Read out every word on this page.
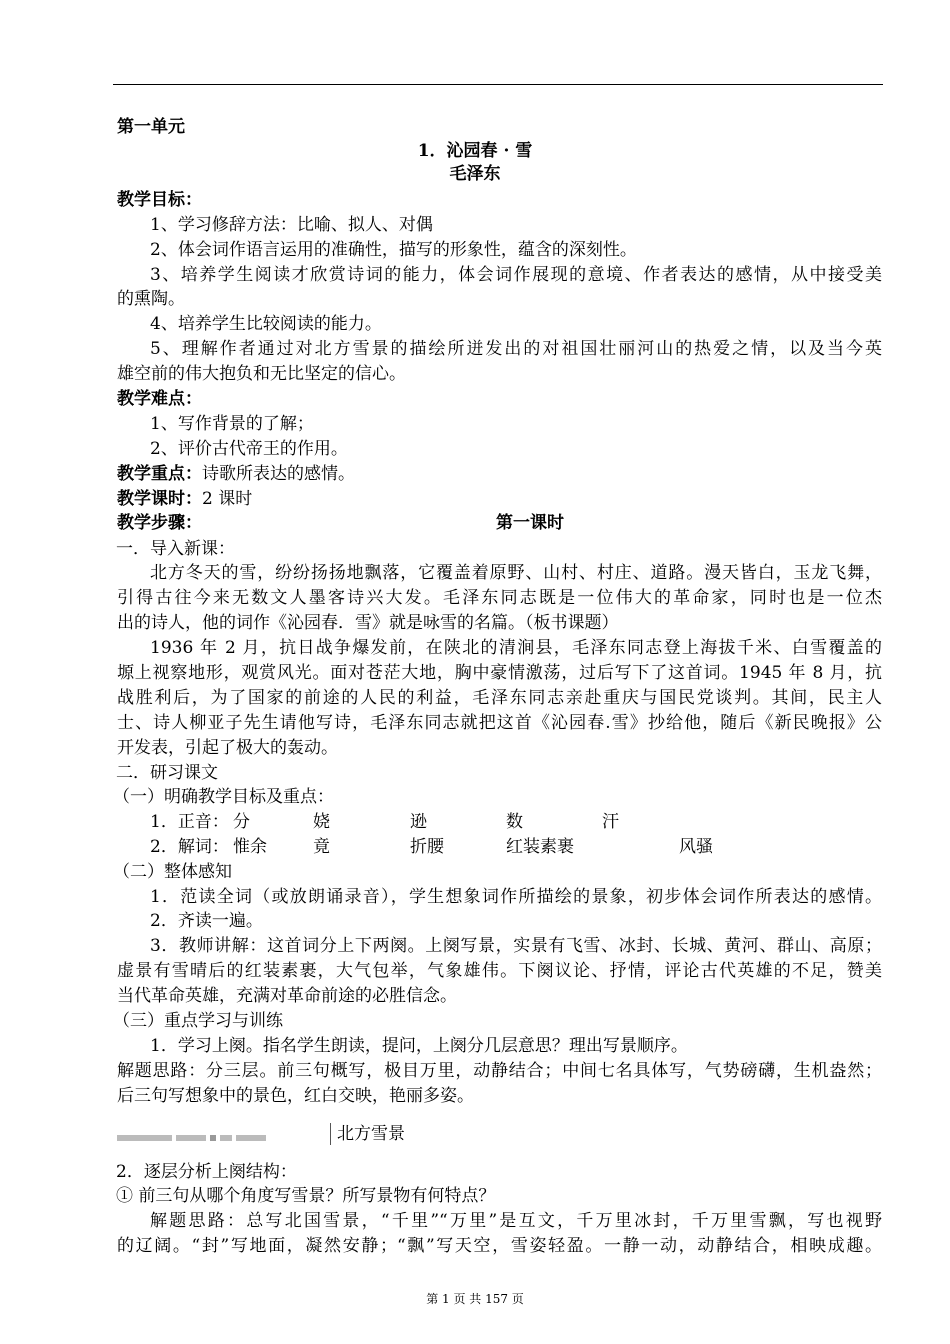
第一单元
1．沁园春 · 雪
毛泽东
教学目标：
1、学习修辞方法：比喻、拟人、对偶
2、体会词作语言运用的准确性，描写的形象性，蕴含的深刻性。
3、培养学生阅读才欣赏诗词的能力，体会词作展现的意境、作者表达的感情，从中接受美
的熏陶。
4、培养学生比较阅读的能力。
5、理解作者通过对北方雪景的描绘所迸发出的对祖国壮丽河山的热爱之情，以及当今英
雄空前的伟大抱负和无比坚定的信心。
教学难点：
1、写作背景的了解；
2、评价古代帝王的作用。
教学重点：诗歌所表达的感情。
教学课时：2 课时
教学步骤：	第一课时
一．导入新课：
北方冬天的雪，纷纷扬扬地飘落，它覆盖着原野、山村、村庄、道路。漫天皆白，玉龙飞舞，
引得古往今来无数文人墨客诗兴大发。毛泽东同志既是一位伟大的革命家，同时也是一位杰
出的诗人，他的词作《沁园春．雪》就是咏雪的名篇。（板书课题）
1936 年 2 月，抗日战争爆发前，在陕北的清涧县，毛泽东同志登上海拔千米、白雪覆盖的
塬上视察地形，观赏风光。面对苍茫大地，胸中豪情激荡，过后写下了这首词。1945 年 8 月，抗
战胜利后，为了国家的前途的人民的利益，毛泽东同志亲赴重庆与国民党谈判。其间，民主人
士、诗人柳亚子先生请他写诗，毛泽东同志就把这首《沁园春.雪》抄给他，随后《新民晚报》公
开发表，引起了极大的轰动。
二．研习课文
（一）明确教学目标及重点：
1．正音： 分	娆	逊	数	汗
2．解词： 惟余	竟	折腰	红装素裹	风骚
（二）整体感知
1．范读全词（或放朗诵录音），学生想象词作所描绘的景象，初步体会词作所表达的感情。
2．齐读一遍。
3．教师讲解：这首词分上下两阕。上阕写景，实景有飞雪、冰封、长城、黄河、群山、高原；
虚景有雪晴后的红装素裹，大气包举，气象雄伟。下阕议论、抒情，评论古代英雄的不足，赞美
当代革命英雄，充满对革命前途的必胜信念。
（三）重点学习与训练
1．学习上阕。指名学生朗读，提问，上阕分几层意思？理出写景顺序。
解题思路：分三层。前三句概写，极目万里，动静结合；中间七名具体写，气势磅礴，生机盎然；
后三句写想象中的景色，红白交映，艳丽多姿。
北方雪景
2．逐层分析上阕结构：
① 前三句从哪个角度写雪景？所写景物有何特点？
解题思路：总写北国雪景，“千里”“万里”是互文，千万里冰封，千万里雪飘，写也视野
的辽阔。“封”写地面，凝然安静；“飘”写天空，雪姿轻盈。一静一动，动静结合，相映成趣。
第 1 页 共 157 页
